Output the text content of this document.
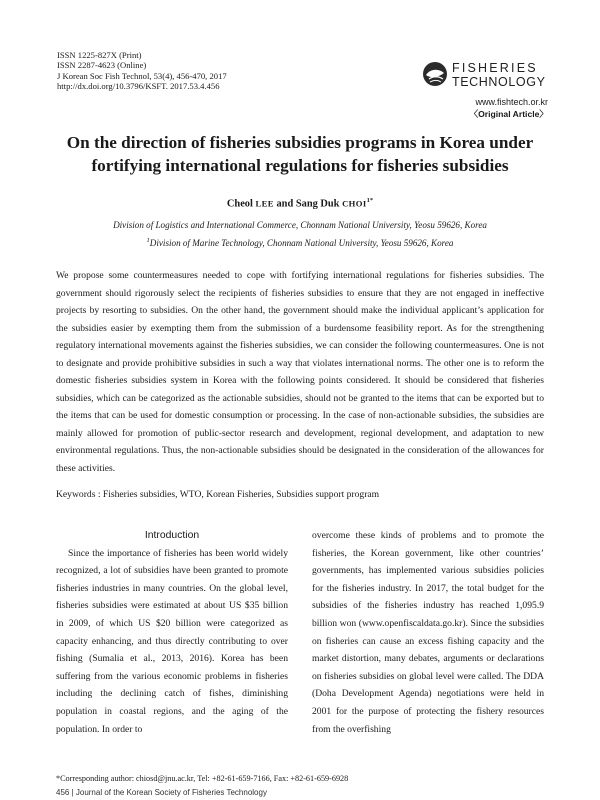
ISSN 1225-827X (Print)
ISSN 2287-4623 (Online)
J Korean Soc Fish Technol, 53(4), 456-470, 2017
http://dx.doi.org/10.3796/KSFT. 2017.53.4.456
FISHERIES
TECHNOLOGY
www.fishtech.or.kr
〈Original Article〉
On the direction of fisheries subsidies programs in Korea under fortifying international regulations for fisheries subsidies
Cheol LEE and Sang Duk $CHOI^{1*}$
Division of Logistics and International Commerce, Chonnam National University, Yeosu 59626, Korea
$^1$Division of Marine Technology, Chonnam National University, Yeosu 59626, Korea
We propose some countermeasures needed to cope with fortifying international regulations for fisheries subsidies. The government should rigorously select the recipients of fisheries subsidies to ensure that they are not engaged in ineffective projects by resorting to subsidies. On the other hand, the government should make the individual applicant’s application for the subsidies easier by exempting them from the submission of a burdensome feasibility report. As for the strengthening regulatory international movements against the fisheries subsidies, we can consider the following countermeasures. One is not to designate and provide prohibitive subsidies in such a way that violates international norms. The other one is to reform the domestic fisheries subsidies system in Korea with the following points considered. It should be considered that fisheries subsidies, which can be categorized as the actionable subsidies, should not be granted to the items that can be exported but to the items that can be used for domestic consumption or processing. In the case of non-actionable subsidies, the subsidies are mainly allowed for promotion of public-sector research and development, regional development, and adaptation to new environmental regulations. Thus, the non-actionable subsidies should be designated in the consideration of the allowances for these activities.
Keywords : Fisheries subsidies, WTO, Korean Fisheries, Subsidies support program
Introduction
Since the importance of fisheries has been world widely recognized, a lot of subsidies have been granted to promote fisheries industries in many countries. On the global level, fisheries subsidies were estimated at about US $35 billion in 2009, of which US $20 billion were categorized as capacity enhancing, and thus directly contributing to over fishing (Sumalia et al., 2013, 2016). Korea has been suffering from the various economic problems in fisheries including the declining catch of fishes, diminishing population in coastal regions, and the aging of the population. In order to
overcome these kinds of problems and to promote the fisheries, the Korean government, like other countries’ governments, has implemented various subsidies policies for the fisheries industry. In 2017, the total budget for the subsidies of the fisheries industry has reached 1,095.9 billion won (www.openfiscaldata.go.kr). Since the subsidies on fisheries can cause an excess fishing capacity and the market distortion, many debates, arguments or declarations on fisheries subsidies on global level were called. The DDA (Doha Development Agenda) negotiations were held in 2001 for the purpose of protecting the fishery resources from the overfishing
*Corresponding author: chiosd@jnu.ac.kr, Tel: +82-61-659-7166, Fax: +82-61-659-6928
456 | Journal of the Korean Society of Fisheries Technology
